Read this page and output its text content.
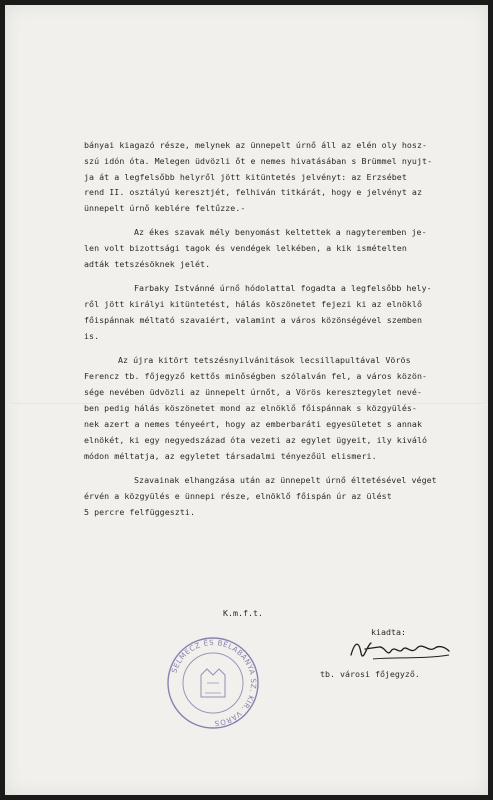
bányai kiagazó része, melynek az ünnepelt úrnő áll az elén oly hosz-
szú idón óta. Melegen üdvözli őt e nemes hivatásában s Brümmel nyujt-
ja át a legfelsőbb helyről jött kitüntetés jelvényt: az Erzsébet
rend II. osztályú keresztjét, felhiván titkárát, hogy e jelvényt az
ünnepelt úrnő keblére feltűzze.-
Az ékes szavak mély benyomást keltettek a nagyteremben je-
len volt bizottsági tagok és vendégek lelkében, a kik ismételten
adták tetszésöknek jelét.
Farbaky Istvánné úrnő hódolattal fogadta a legfelsőbb hely-
ről jött királyi kitüntetést, hálás köszönetet fejezi ki az elnöklő
főispánnak méltató szavaiért, valamint a város közönségével szemben
is.
Az újra kitört tetszésnyilvánitások lecsillapultával Vörös
Ferencz tb. főjegyző kettős minőségben szólalván fel, a város közön-
sége nevében üdvözli az ünnepelt úrnőt, a Vörös keresztegylet nevé-
ben pedig hálás köszönetet mond az elnöklő főispánnak s közgyülés-
nek azert a nemes tényeért, hogy az emberbaráti egyesületet s annak
elnökét, ki egy negyedszázad óta vezeti az egylet ügyeit, ily kiváló
módon méltatja, az egyletet társadalmi tényezőül elismeri.
Szavainak elhangzása után az ünnepelt úrnő éltetésével véget
érvén a közgyülés e ünnepi része, elnöklő főispán úr az ülést
5 percre felfüggeszti.
K.m.f.t.
kiadta:
tb. városi főjegyző.
SELMECZ ÉS BÉLABÁNYA SZ. KIR. VÁROS
